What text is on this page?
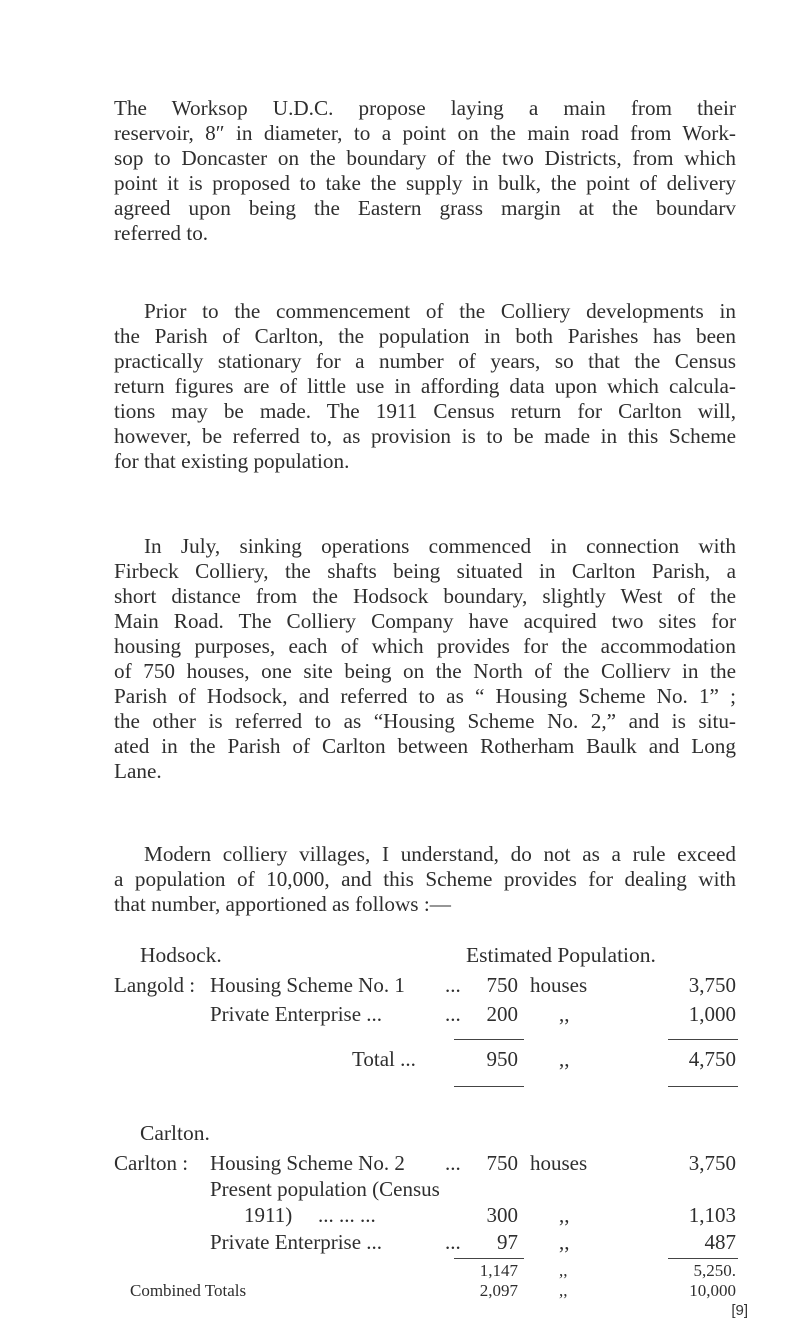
The Worksop U.D.C. propose laying a main from their
reservoir, 8″ in diameter, to a point on the main road from Work-
sop to Doncaster on the boundary of the two Districts, from which
point it is proposed to take the supply in bulk, the point of delivery
agreed upon being the Eastern grass margin at the boundarv
referred to.
Prior to the commencement of the Colliery developments in
the Parish of Carlton, the population in both Parishes has been
practically stationary for a number of years, so that the Census
return figures are of little use in affording data upon which calcula-
tions may be made. The 1911 Census return for Carlton will,
however, be referred to, as provision is to be made in this Scheme
for that existing population.
In July, sinking operations commenced in connection with
Firbeck Colliery, the shafts being situated in Carlton Parish, a
short distance from the Hodsock boundary, slightly West of the
Main Road. The Colliery Company have acquired two sites for
housing purposes, each of which provides for the accommodation
of 750 houses, one site being on the North of the Collierv in the
Parish of Hodsock, and referred to as “ Housing Scheme No. 1” ;
the other is referred to as “Housing Scheme No. 2,” and is situ-
ated in the Parish of Carlton between Rotherham Baulk and Long
Lane.
Modern colliery villages, I understand, do not as a rule exceed
a population of 10,000, and this Scheme provides for dealing with
that number, apportioned as follows :—
Hodsock.	Estimated Population.
Langold : Housing Scheme No. 1 ...	750 houses	3,750
Private Enterprise ...	...	200 ,,	1,000
Total ...	950 ,,	4,750
Carlton.
Carlton : Housing Scheme No. 2 ...	750 houses	3,750
Present population (Census
1911) ... ... ...	300 ,,	1,103
Private Enterprise ...	...	97 ,,	487
1,147 ,,	5,250.
Combined Totals	2,097 ,,	10,000
[9]
